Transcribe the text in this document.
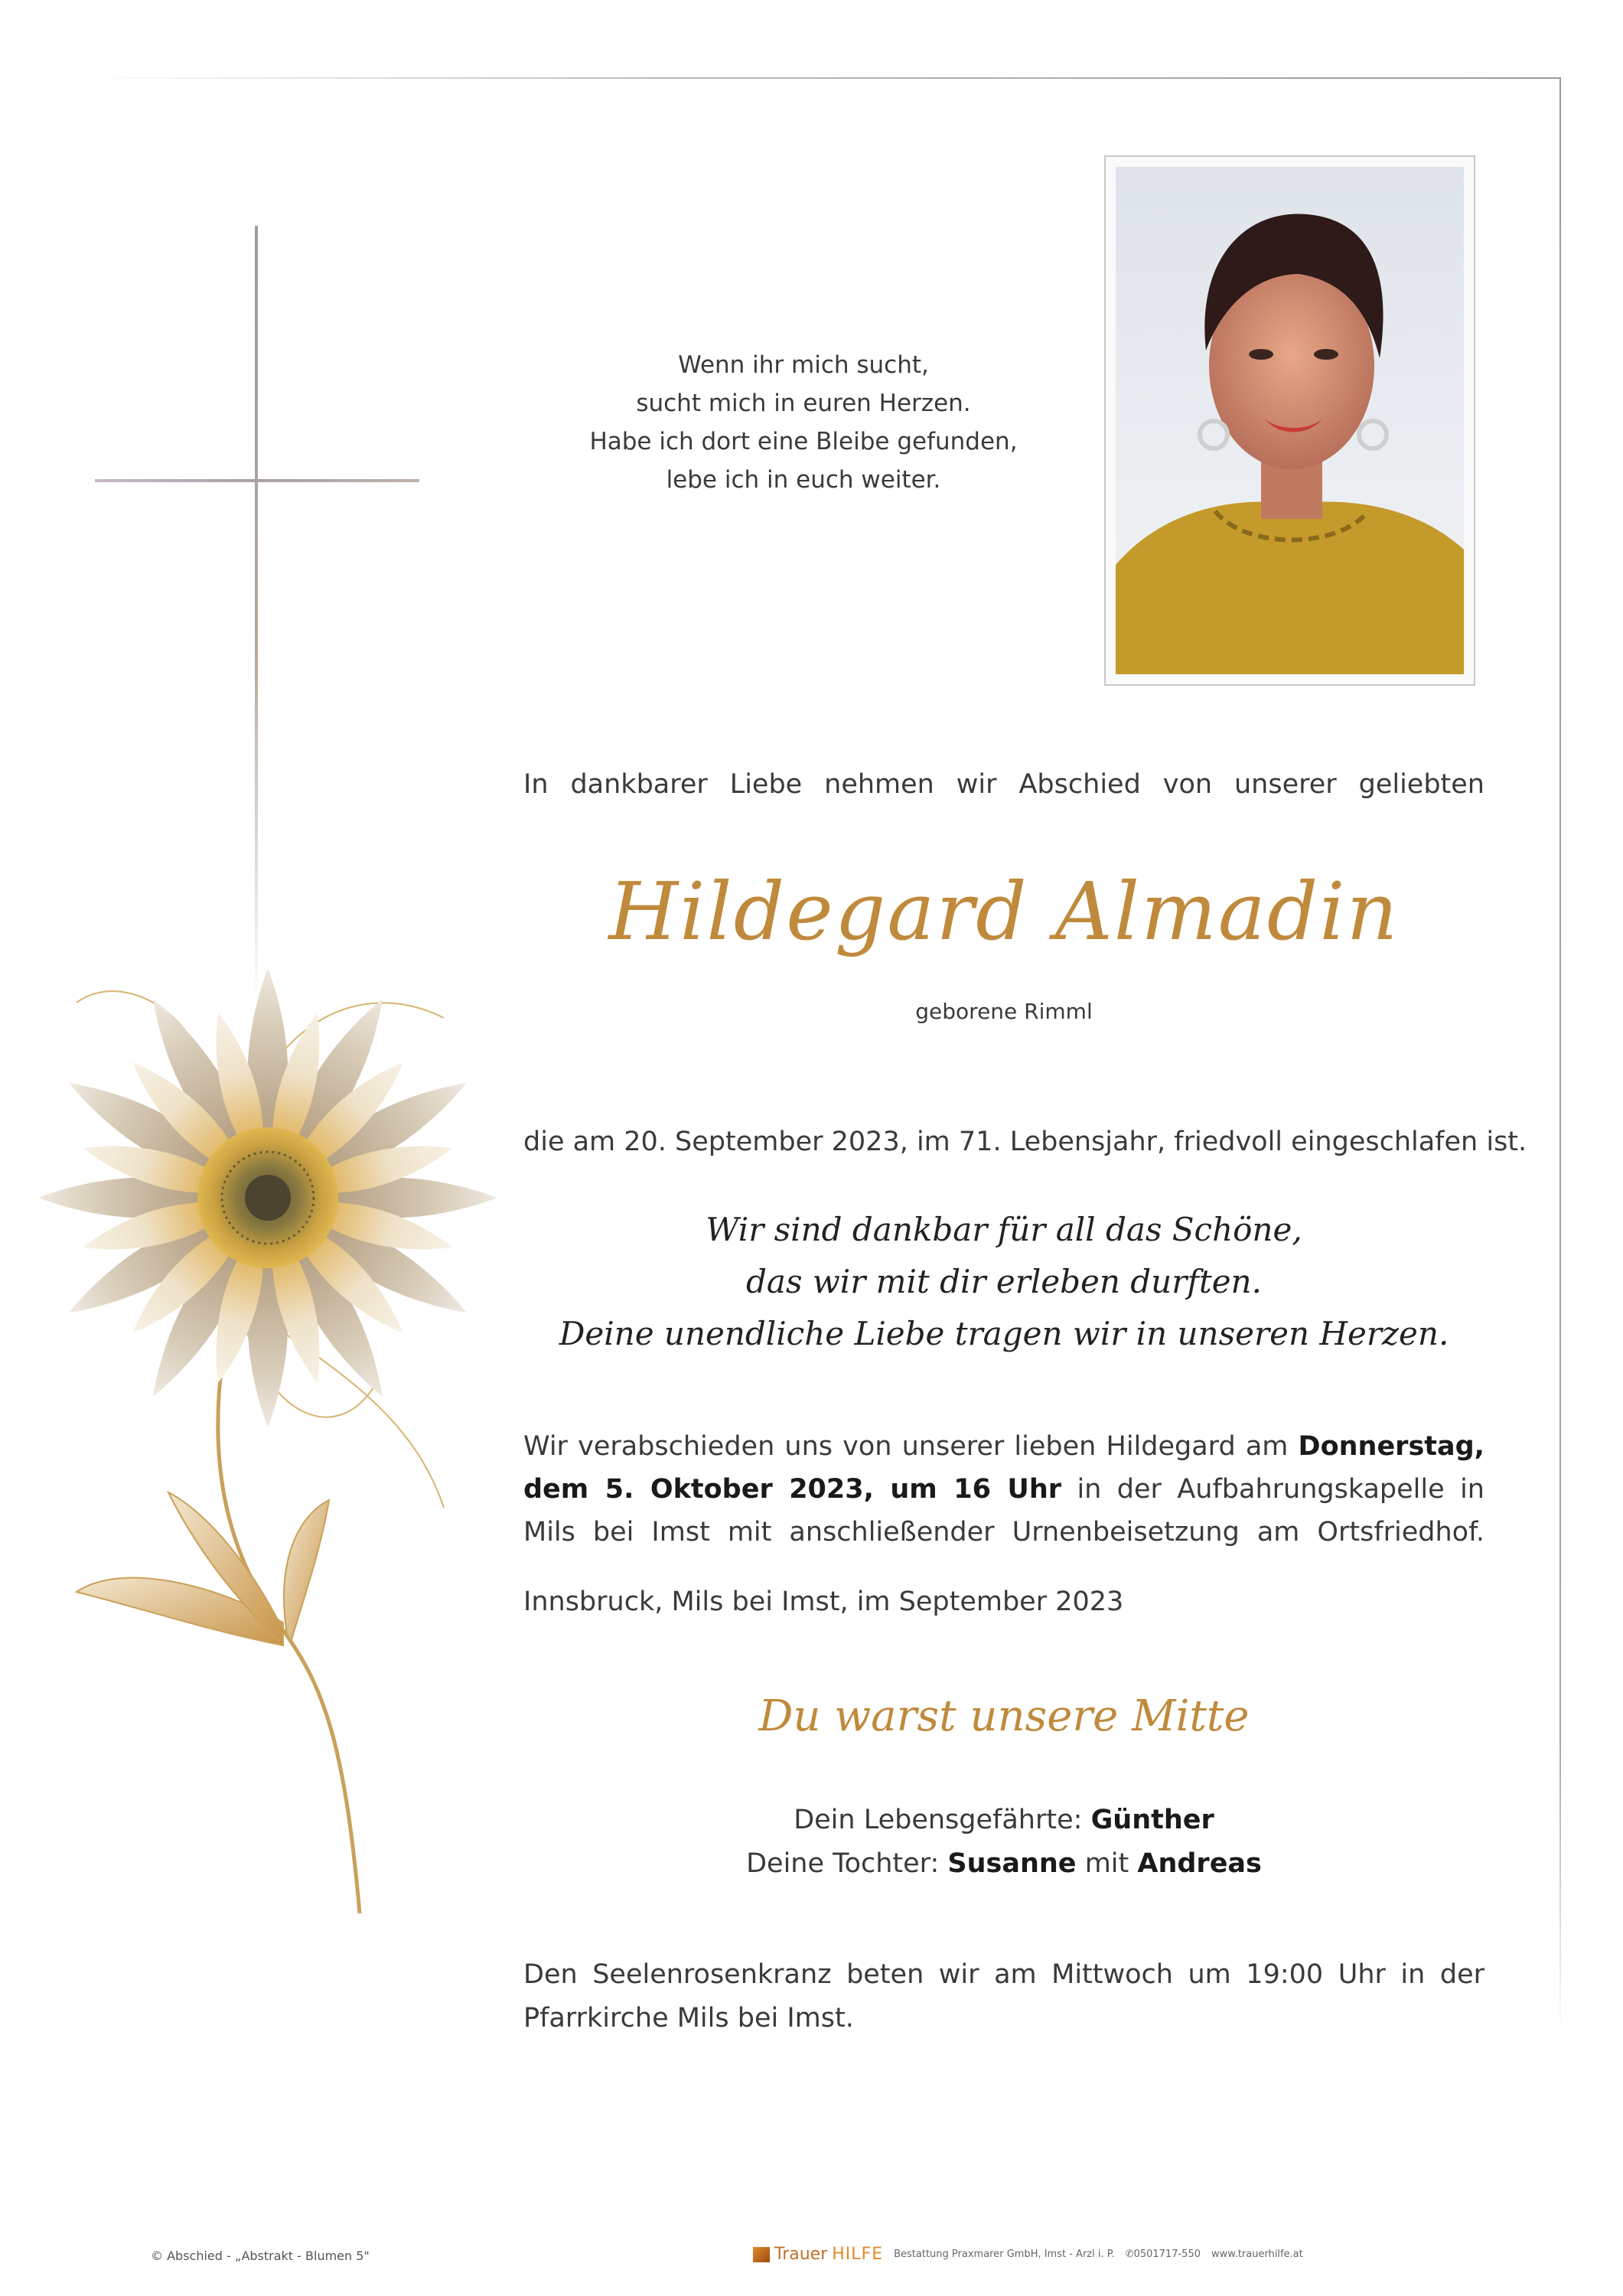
Wenn ihr mich sucht,
sucht mich in euren Herzen.
Habe ich dort eine Bleibe gefunden,
lebe ich in euch weiter.
In dankbarer Liebe nehmen wir Abschied von unserer geliebten
Hildegard Almadin
geborene Rimml
die am 20. September 2023, im 71. Lebensjahr, friedvoll eingeschlafen ist.
Wir sind dankbar für all das Schöne,
das wir mit dir erleben durften.
Deine unendliche Liebe tragen wir in unseren Herzen.
Wir verabschieden uns von unserer lieben Hildegard am Donnerstag,
dem 5. Oktober 2023, um 16 Uhr in der Aufbahrungskapelle in
Mils bei Imst mit anschließender Urnenbeisetzung am Ortsfriedhof.
Innsbruck, Mils bei Imst, im September 2023
Du warst unsere Mitte
Dein Lebensgefährte: Günther
Deine Tochter: Susanne mit Andreas
Den Seelenrosenkranz beten wir am Mittwoch um 19:00 Uhr in der
Pfarrkirche Mils bei Imst.
© Abschied - „Abstrakt - Blumen 5"	Trauer HILFE Bestattung Praxmarer GmbH, Imst - Arzl i. P. ✆0501717-550 www.trauerhilfe.at
